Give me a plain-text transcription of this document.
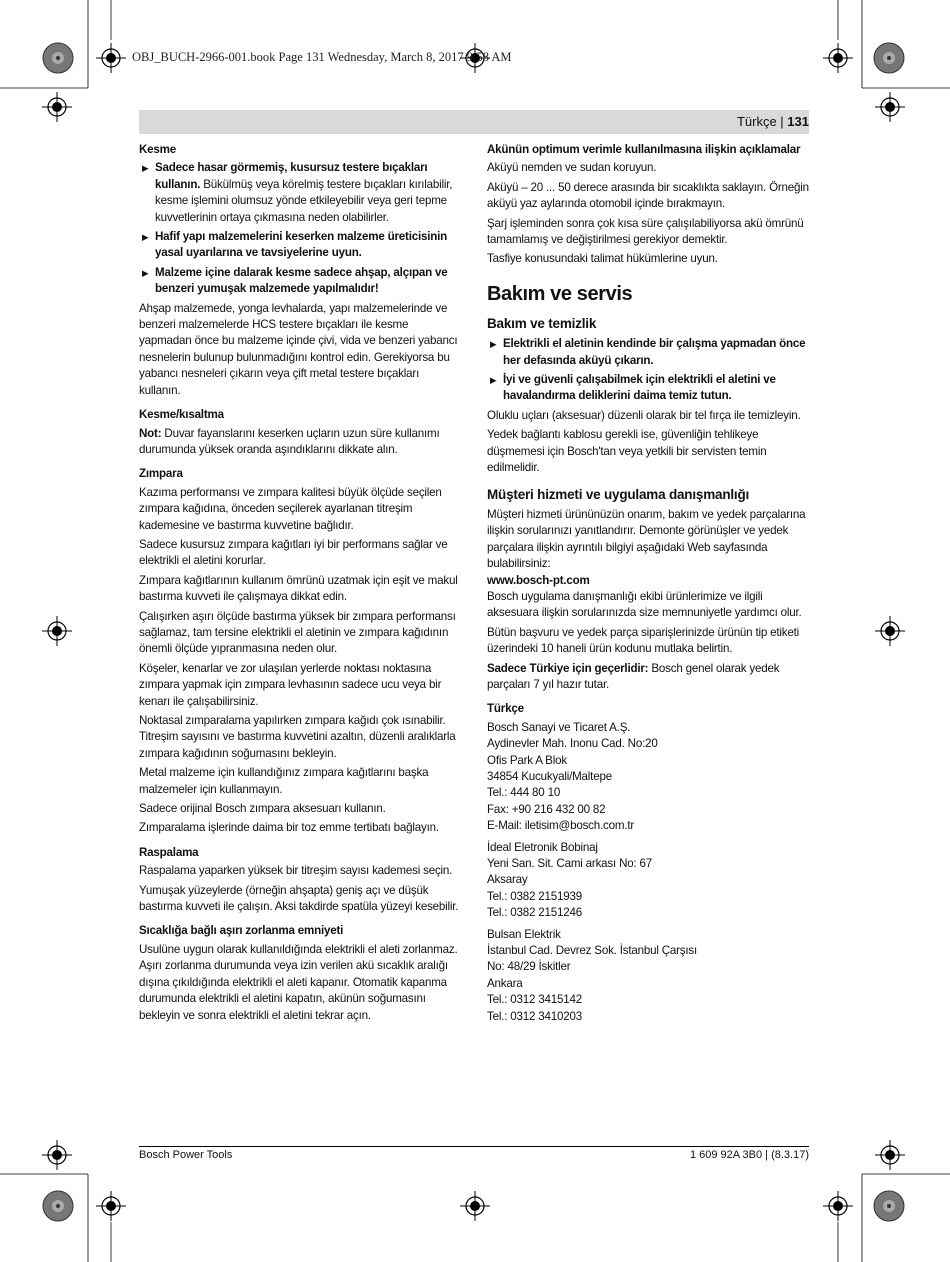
OBJ_BUCH-2966-001.book Page 131 Wednesday, March 8, 2017 9:58 AM
Türkçe | 131
Kesme
▶ Sadece hasar görmemiş, kusursuz testere bıçakları kullanın. Bükülmüş veya körelmiş testere bıçakları kırılabilir, kesme işlemini olumsuz yönde etkileyebilir veya geri tepme kuvvetlerinin ortaya çıkmasına neden olabilirler.
▶ Hafif yapı malzemelerini keserken malzeme üreticisinin yasal uyarılarına ve tavsiyelerine uyun.
▶ Malzeme içine dalarak kesme sadece ahşap, alçıpan ve benzeri yumuşak malzemede yapılmalıdır!

Ahşap malzemede, yonga levhalarda, yapı malzemelerinde ve benzeri malzemelerde HCS testere bıçakları ile kesme yapmadan önce bu malzeme içinde çivi, vida ve benzeri yabancı nesnelerin bulunup bulunmadığını kontrol edin. Gerekiyorsa bu yabancı nesneleri çıkarın veya çift metal testere bıçakları kullanın.

Kesme/kısaltma

Not: Duvar fayanslarını keserken uçların uzun süre kullanımı durumunda yüksek oranda aşındıklarını dikkate alın.

Zımpara

Kazıma performansı ve zımpara kalitesi büyük ölçüde seçilen zımpara kağıdına, önceden seçilerek ayarlanan titreşim kademesine ve bastırma kuvvetine bağlıdır.

Sadece kusursuz zımpara kağıtları iyi bir performans sağlar ve elektrikli el aletini korurlar.

Zımpara kağıtlarının kullanım ömrünü uzatmak için eşit ve makul bastırma kuvveti ile çalışmaya dikkat edin.

Çalışırken aşırı ölçüde bastırma yüksek bir zımpara performansı sağlamaz, tam tersine elektrikli el aletinin ve zımpara kağıdının önemli ölçüde yıpranmasına neden olur.

Köşeler, kenarlar ve zor ulaşılan yerlerde noktası noktasına zımpara yapmak için zımpara levhasının sadece ucu veya bir kenarı ile çalışabilirsiniz.

Noktasal zımparalama yapılırken zımpara kağıdı çok ısınabilir. Titreşim sayısını ve bastırma kuvvetini azaltın, düzenli aralıklarla zımpara kağıdının soğumasını bekleyin.

Metal malzeme için kullandığınız zımpara kağıtlarını başka malzemeler için kullanmayın.

Sadece orijinal Bosch zımpara aksesuarı kullanın.

Zımparalama işlerinde daima bir toz emme tertibatı bağlayın.

Raspalama

Raspalama yaparken yüksek bir titreşim sayısı kademesi seçin.

Yumuşak yüzeylerde (örneğin ahşapta) geniş açı ve düşük bastırma kuvveti ile çalışın. Aksi takdirde spatüla yüzeyi kesebilir.

Sıcaklığa bağlı aşırı zorlanma emniyeti

Usulüne uygun olarak kullanıldığında elektrikli el aleti zorlanmaz. Aşırı zorlanma durumunda veya izin verilen akü sıcaklık aralığı dışına çıkıldığında elektrikli el aleti kapanır. Otomatik kapanma durumunda elektrikli el aletini kapatın, akünün soğumasını bekleyin ve sonra elektrikli el aletini tekrar açın.

Akünün optimum verimle kullanılmasına ilişkin açıklamalar

Aküyü nemden ve sudan koruyun.

Aküyü – 20 ... 50 derece arasında bir sıcaklıkta saklayın. Örneğin aküyü yaz aylarında otomobil içinde bırakmayın.

Şarj işleminden sonra çok kısa süre çalışılabiliyorsa akü ömrünü tamamlamış ve değiştirilmesi gerekiyor demektir.

Tasfiye konusundaki talimat hükümlerine uyun.

Bakım ve servis

Bakım ve temizlik

▶ Elektrikli el aletinin kendinde bir çalışma yapmadan önce her defasında aküyü çıkarın.
▶ İyi ve güvenli çalışabilmek için elektrikli el aletini ve havalandırma deliklerini daima temiz tutun.

Oluklu uçları (aksesuar) düzenli olarak bir tel fırça ile temizleyin.

Yedek bağlantı kablosu gerekli ise, güvenliğin tehlikeye düşmemesi için Bosch'tan veya yetkili bir servisten temin edilmelidir.

Müşteri hizmeti ve uygulama danışmanlığı

Müşteri hizmeti ürününüzün onarım, bakım ve yedek parçalarına ilişkin sorularınızı yanıtlandırır. Demonte görünüşler ve yedek parçalara ilişkin ayrıntılı bilgiyi aşağıdaki Web sayfasında bulabilirsiniz:

www.bosch-pt.com

Bosch uygulama danışmanlığı ekibi ürünlerimize ve ilgili aksesuara ilişkin sorularınızda size memnuniyetle yardımcı olur.

Bütün başvuru ve yedek parça siparişlerinizde ürünün tip etiketi üzerindeki 10 haneli ürün kodunu mutlaka belirtin.

Sadece Türkiye için geçerlidir: Bosch genel olarak yedek parçaları 7 yıl hazır tutar.

Türkçe
Bosch Sanayi ve Ticaret A.Ş.
Aydinevler Mah. Inonu Cad. No:20
Ofis Park A Blok
34854 Kucukyali/Maltepe
Tel.: 444 80 10
Fax: +90 216 432 00 82
E-Mail: iletisim@bosch.com.tr
İdeal Eletronik Bobinaj
Yeni San. Sit. Cami arkası No: 67
Aksaray
Tel.: 0382 2151939
Tel.: 0382 2151246
Bulsan Elektrik
İstanbul Cad. Devrez Sok. İstanbul Çarşısı
No: 48/29 İskitler
Ankara
Tel.: 0312 3415142
Tel.: 0312 3410203
Bosch Power Tools	1 609 92A 3B0 | (8.3.17)
